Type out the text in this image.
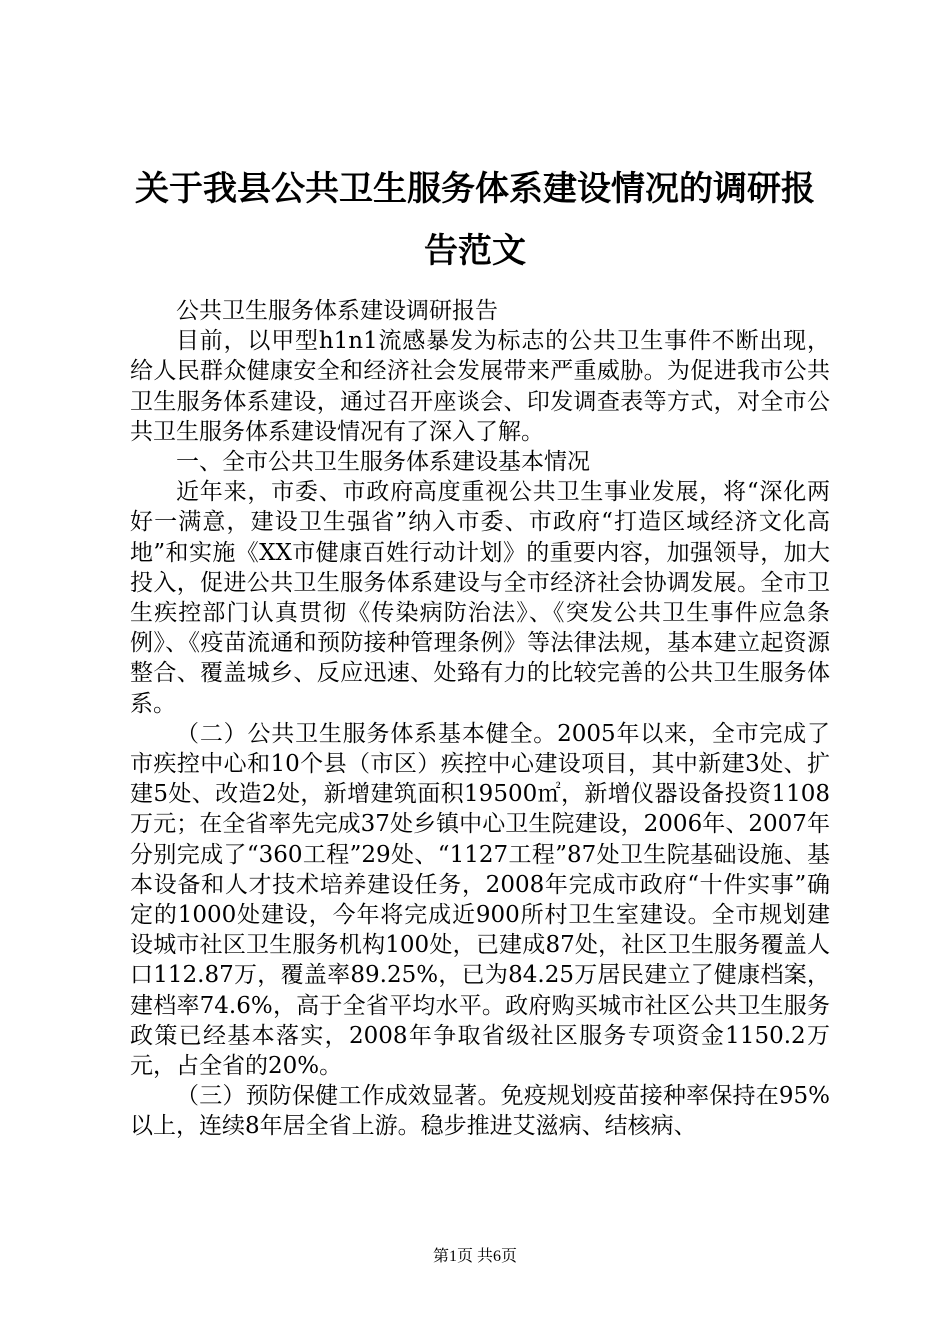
关于我县公共卫生服务体系建设情况的调研报告范文

公共卫生服务体系建设调研报告

目前，以甲型h1n1流感暴发为标志的公共卫生事件不断出现，给人民群众健康安全和经济社会发展带来严重威胁。为促进我市公共卫生服务体系建设，通过召开座谈会、印发调查表等方式，对全市公共卫生服务体系建设情况有了深入了解。

一、全市公共卫生服务体系建设基本情况

近年来，市委、市政府高度重视公共卫生事业发展，将“深化两好一满意，建设卫生强省”纳入市委、市政府“打造区域经济文化高地”和实施《XX市健康百姓行动计划》的重要内容，加强领导，加大投入，促进公共卫生服务体系建设与全市经济社会协调发展。全市卫生疾控部门认真贯彻《传染病防治法》、《突发公共卫生事件应急条例》、《疫苗流通和预防接种管理条例》等法律法规，基本建立起资源整合、覆盖城乡、反应迅速、处臵有力的比较完善的公共卫生服务体系。

（二）公共卫生服务体系基本健全。2005年以来，全市完成了市疾控中心和10个县（市区）疾控中心建设项目，其中新建3处、扩建5处、改造2处，新增建筑面积19500㎡，新增仪器设备投资1108万元；在全省率先完成37处乡镇中心卫生院建设，2006年、2007年分别完成了“360工程”29处、“1127工程”87处卫生院基础设施、基本设备和人才技术培养建设任务，2008年完成市政府“十件实事”确定的1000处建设，今年将完成近900所村卫生室建设。全市规划建设城市社区卫生服务机构100处，已建成87处，社区卫生服务覆盖人口112.87万，覆盖率89.25%，已为84.25万居民建立了健康档案，建档率74.6%，高于全省平均水平。政府购买城市社区公共卫生服务政策已经基本落实，2008年争取省级社区服务专项资金1150.2万元，占全省的20%。

（三）预防保健工作成效显著。免疫规划疫苗接种率保持在95%以上，连续8年居全省上游。稳步推进艾滋病、结核病、

第1页 共6页
